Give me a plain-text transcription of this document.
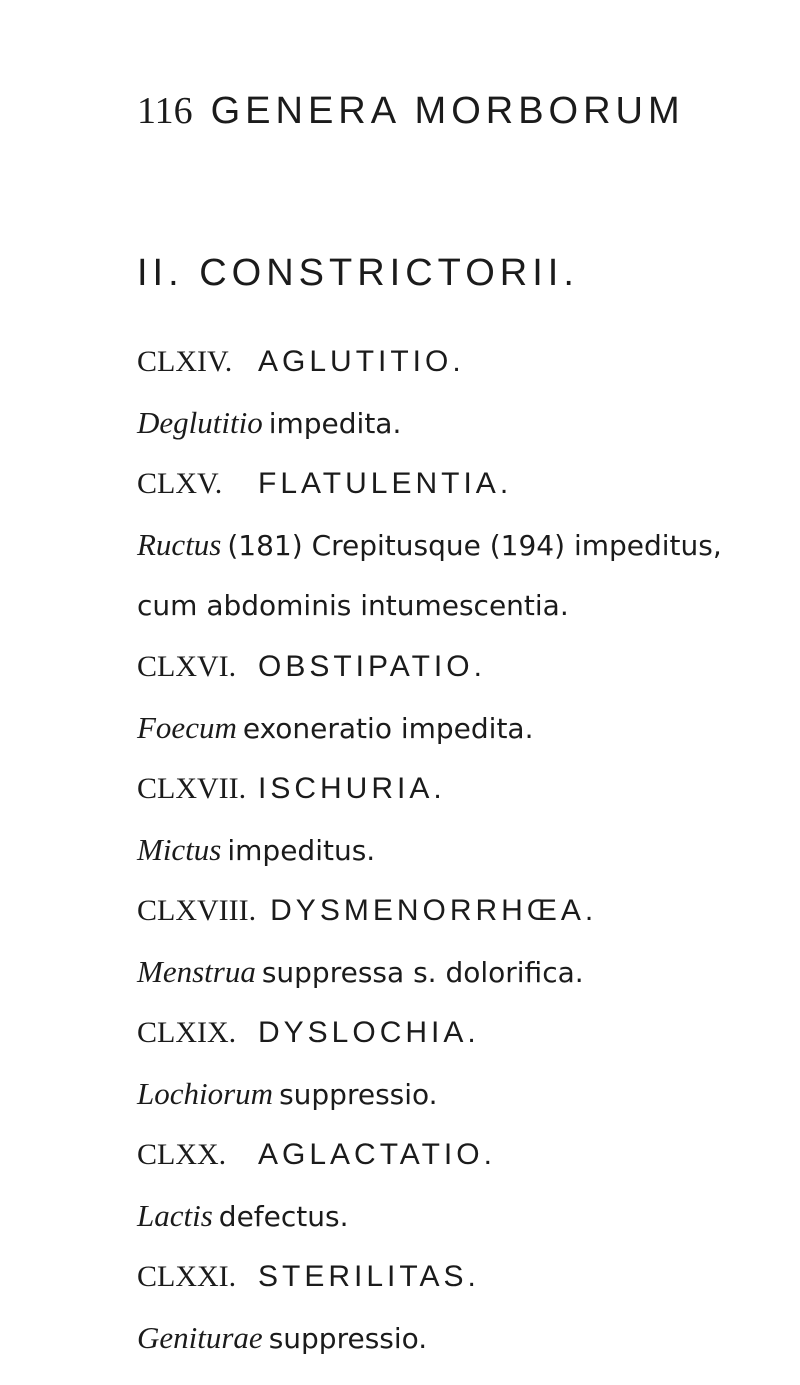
116 GENERA MORBORUM
II. CONSTRICTORII.
CLXIV. AGLUTITIO.
Deglutitio impedita.
CLXV. FLATULENTIA.
Ructus (181) Crepitusque (194) impeditus,
cum abdominis intumescentia.
CLXVI. OBSTIPATIO.
Foecum exoneratio impedita.
CLXVII. ISCHURIA.
Mictus impeditus.
CLXVIII. DYSMENORRHŒA.
Menstrua suppressa s. dolorifica.
CLXIX. DYSLOCHIA.
Lochiorum suppressio.
CLXX. AGLACTATIO.
Lactis defectus.
CLXXI. STERILITAS.
Geniturae suppressio.
